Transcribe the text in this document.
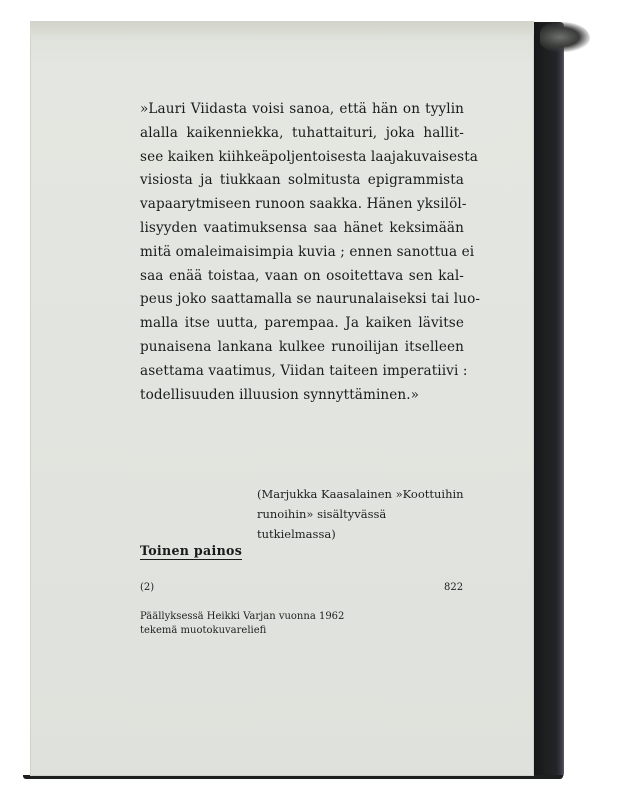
»Lauri Viidasta voisi sanoa, että hän on tyylin
alalla kaikenniekka, tuhattaituri, joka hallit-
see kaiken kiihkeäpoljentoisesta laajakuvaisesta
visiosta ja tiukkaan solmitusta epigrammista
vapaarytmiseen runoon saakka. Hänen yksilöl-
lisyyden vaatimuksensa saa hänet keksimään
mitä omaleimaisimpia kuvia ; ennen sanottua ei
saa enää toistaa, vaan on osoitettava sen kal-
peus joko saattamalla se naurunalaiseksi tai luo-
malla itse uutta, parempaa. Ja kaiken lävitse
punaisena lankana kulkee runoilijan itselleen
asettama vaatimus, Viidan taiteen imperatiivi :
todellisuuden illuusion synnyttäminen.»

(Marjukka Kaasalainen »Koottuihin
runoihin» sisältyvässä tutkielmassa)
Toinen painos
(2)	822
Päällyksessä Heikki Varjan vuonna 1962
tekemä muotokuvareliefi
